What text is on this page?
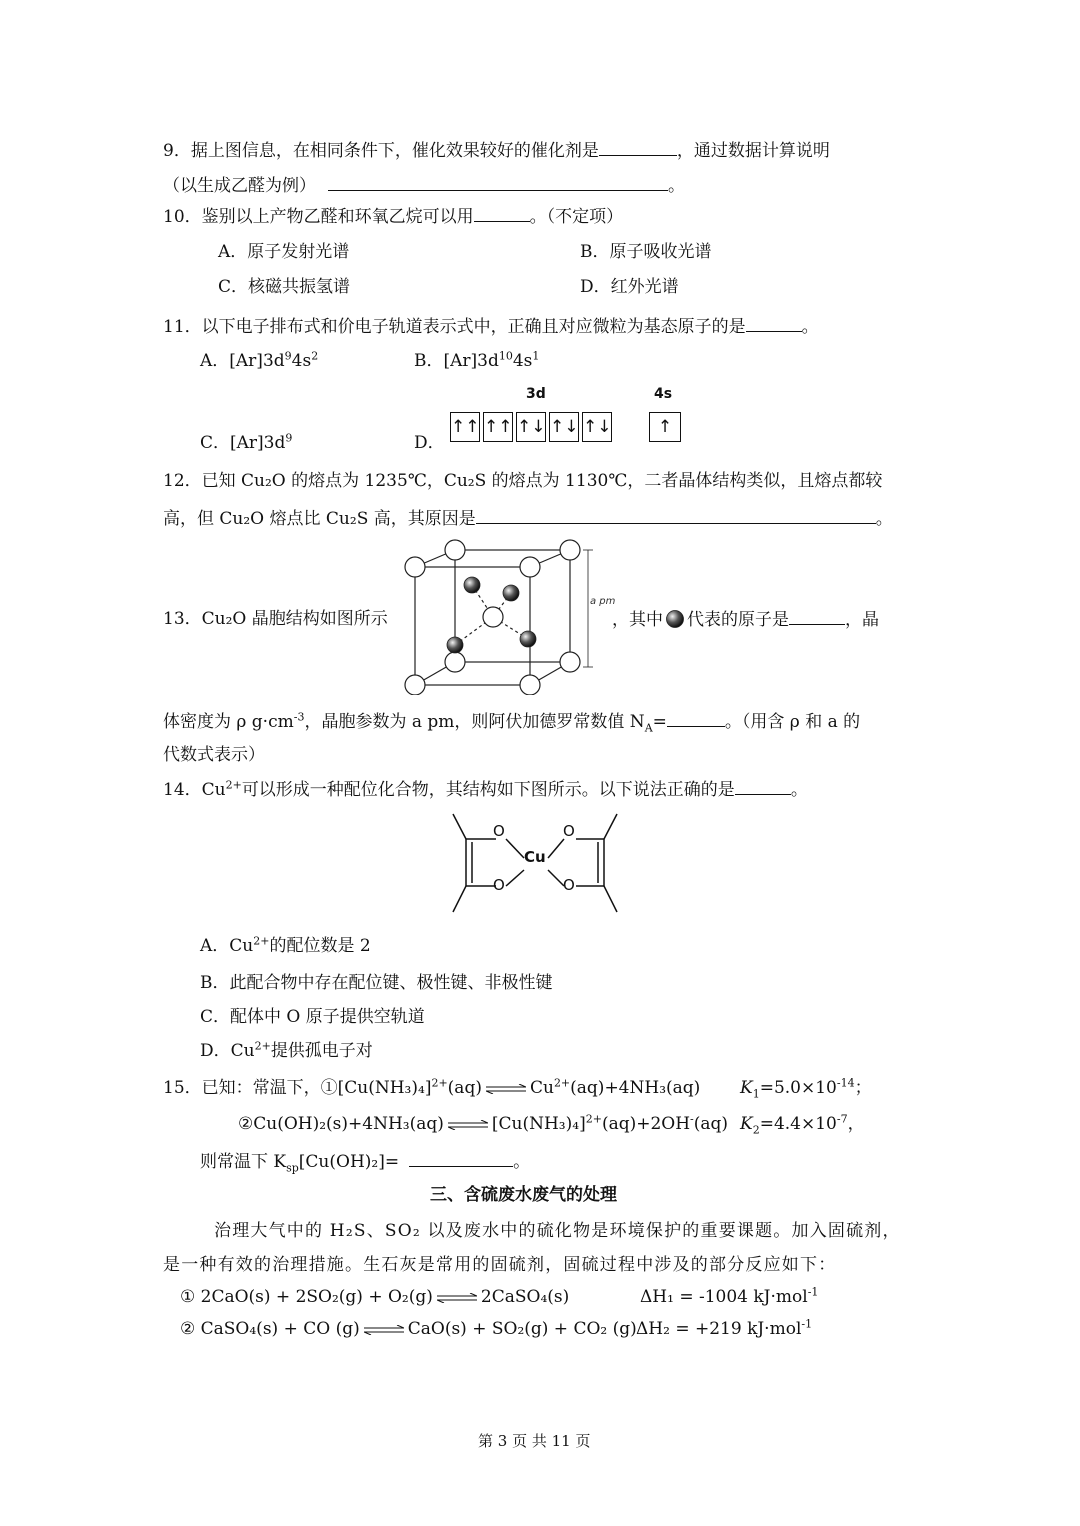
9．据上图信息，在相同条件下，催化效果较好的催化剂是	，通过数据计算说明
（以生成乙醛为例）	。
10．鉴别以上产物乙醛和环氧乙烷可以用	。（不定项）
A．原子发射光谱	B．原子吸收光谱
C．核磁共振氢谱	D．红外光谱
11．以下电子排布式和价电子轨道表示式中，正确且对应微粒为基态原子的是	。
A．$[Ar]3d^94s^2$	B．$[Ar]3d^{10}4s^1$
C．$[Ar]3d^9$	D．
3d	4s
↑↑ ↑↑ ↑↓ ↑↓ ↑↓	↑
12．已知 Cu₂O 的熔点为 1235℃，Cu₂S 的熔点为 1130℃，二者晶体结构类似，且熔点都较
高，但 Cu₂O 熔点比 Cu₂S 高，其原因是	。
13．Cu₂O 晶胞结构如图所示
a pm
，其中 代表的原子是	，晶
体密度为 ρ $g\cdot cm^{-3}$，晶胞参数为 a pm，则阿伏加德罗常数值 $N_A=$	。（用含 ρ 和 a 的
代数式表示）
14．$Cu^{2+}$可以形成一种配位化合物，其结构如下图所示。以下说法正确的是	。
O
O
O
O
Cu
A．$Cu^{2+}$的配位数是 2
B．此配合物中存在配位键、极性键、非极性键
C．配体中 O 原子提供空轨道
D．$Cu^{2+}$提供孤电子对
15．已知：常温下，$①[Cu(NH_3)_4]^{2+}(aq)$ ⇌ $Cu^{2+}(aq)+4NH_3(aq)$ $K_1=5.0\times 10^{-14}$；
②Cu(OH)₂(s)+4NH₃(aq) ⇌ $[Cu(NH_3)_4]^{2+}(aq)+2OH^-(aq)$ $K_2=4.4\times 10^{-7}$，
则常温下 $K_{sp}[Cu(OH)_2]=$	。
三、含硫废水废气的处理
治理大气中的 H₂S、SO₂ 以及废水中的硫化物是环境保护的重要课题。加入固硫剂，
是一种有效的治理措施。生石灰是常用的固硫剂，固硫过程中涉及的部分反应如下：
① 2CaO(s) + 2SO₂(g) + O₂(g) ⇌ 2CaSO₄(s)	ΔH₁ = -1004 kJ·mol$^{-1}$
② CaSO₄(s) + CO (g) ⇌ CaO(s) + SO₂(g) + CO₂ (g) ΔH₂ = +219 kJ·mol$^{-1}$
第 3 页 共 11 页
